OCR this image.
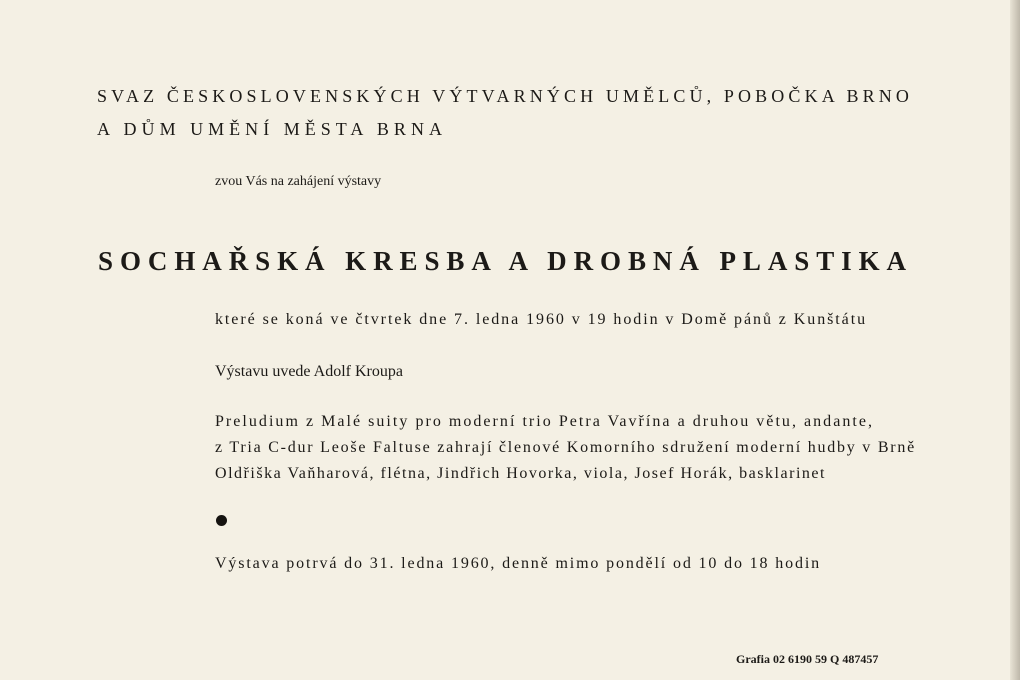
SVAZ ČESKOSLOVENSKÝCH VÝTVARNÝCH UMĚLCŮ, POBOČKA BRNO
A DŮM UMĚNÍ MĚSTA BRNA
zvou Vás na zahájení výstavy
SOCHAŘSKÁ KRESBA A DROBNÁ PLASTIKA
které se koná ve čtvrtek dne 7. ledna 1960 v 19 hodin v Domě pánů z Kunštátu
Výstavu uvede Adolf Kroupa
Preludium z Malé suity pro moderní trio Petra Vavřína a druhou větu, andante,
z Tria C-dur Leoše Faltuse zahrají členové Komorního sdružení moderní hudby v Brně
Oldřiška Vaňharová, flétna, Jindřich Hovorka, viola, Josef Horák, basklarinet
Výstava potrvá do 31. ledna 1960, denně mimo pondělí od 10 do 18 hodin
Grafia 02 6190 59 Q 487457
